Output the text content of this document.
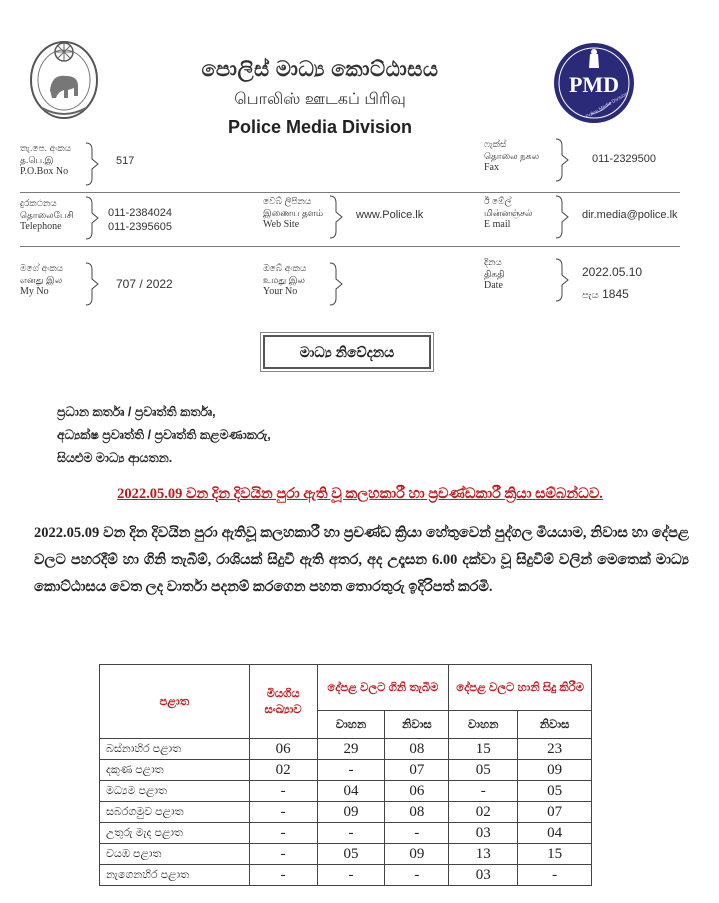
පොලිස් මාධ්‍ය කොට්ඨාසය
பொலிஸ் ஊடகப் பிரிவு
Police Media Division
PMD
Police Media Division
තැ.පෙ. අංකය
த.பெ.இ
P.O.Box No
517
ෆැක්ස්
தொலை நகல
Fax
011-2329500
දුරකථනය
தொலைபேசி
Telephone
011-2384024
011-2395605
වෙබ් ලිපිනය
இணைய தளம்
Web Site
www.Police.lk
ඊ මේල්
மின்னஞ்சல்
E mail
dir.media@police.lk
මගේ අංකය
எனது இல
My No
707 / 2022
ඔබේ අංකය
உமது இல
Your No
දිනය
திகதி
Date
2022.05.10
පැය 1845
මාධ්‍ය නිවේදනය
ප්‍රධාන කර්තෘ / ප්‍රවෘත්ති කර්තෘ,
අධ්‍යක්ෂ ප්‍රවෘත්ති / ප්‍රවෘත්ති කළමණාකරු,
සියළුම මාධ්‍ය ආයතන.
2022.05.09 වන දින දිවයින පුරා ඇති වූ කලහකාරී හා ප්‍රචණ්ඩකාරී ක්‍රියා සම්බන්ධව.
2022.05.09 වන දින දිවයින පුරා ඇතිවූ කලහකාරී හා ප්‍රචණ්ඩ ක්‍රියා හේතුවෙන් පුද්ගල මියයාම, නිවාස හා දේපළ වලට පහරදීම් හා ගිනි තැබීම්, රාශියක් සිදුවී ඇති අතර, අද උදෑසන 6.00 දක්වා වූ සිදුවීම් වලින් මෙතෙක් මාධ්‍ය කොට්ඨාසය වෙත ලද වාර්තා පදනම් කරගෙන පහත තොරතුරු ඉදිරිපත් කරමි.
පළාත	මියගිය සංඛ්‍යාව	දේපළ වලට ගිනි තැබීම		දේපළ වලට හානි සිදු කිරීම	
		වාහන	නිවාස	වාහන	නිවාස
බස්නාහිර පළාත	06	29	08	15	23
දකුණ පළාත	02	-	07	05	09
මධ්‍යම පළාත	-	04	06	-	05
සබරගමුව පළාත	-	09	08	02	07
උතුරු මැද පළාත	-	-	-	03	04
වයඹ පළාත	-	05	09	13	15
නැගෙනහිර පළාත	-	-	-	03	-
